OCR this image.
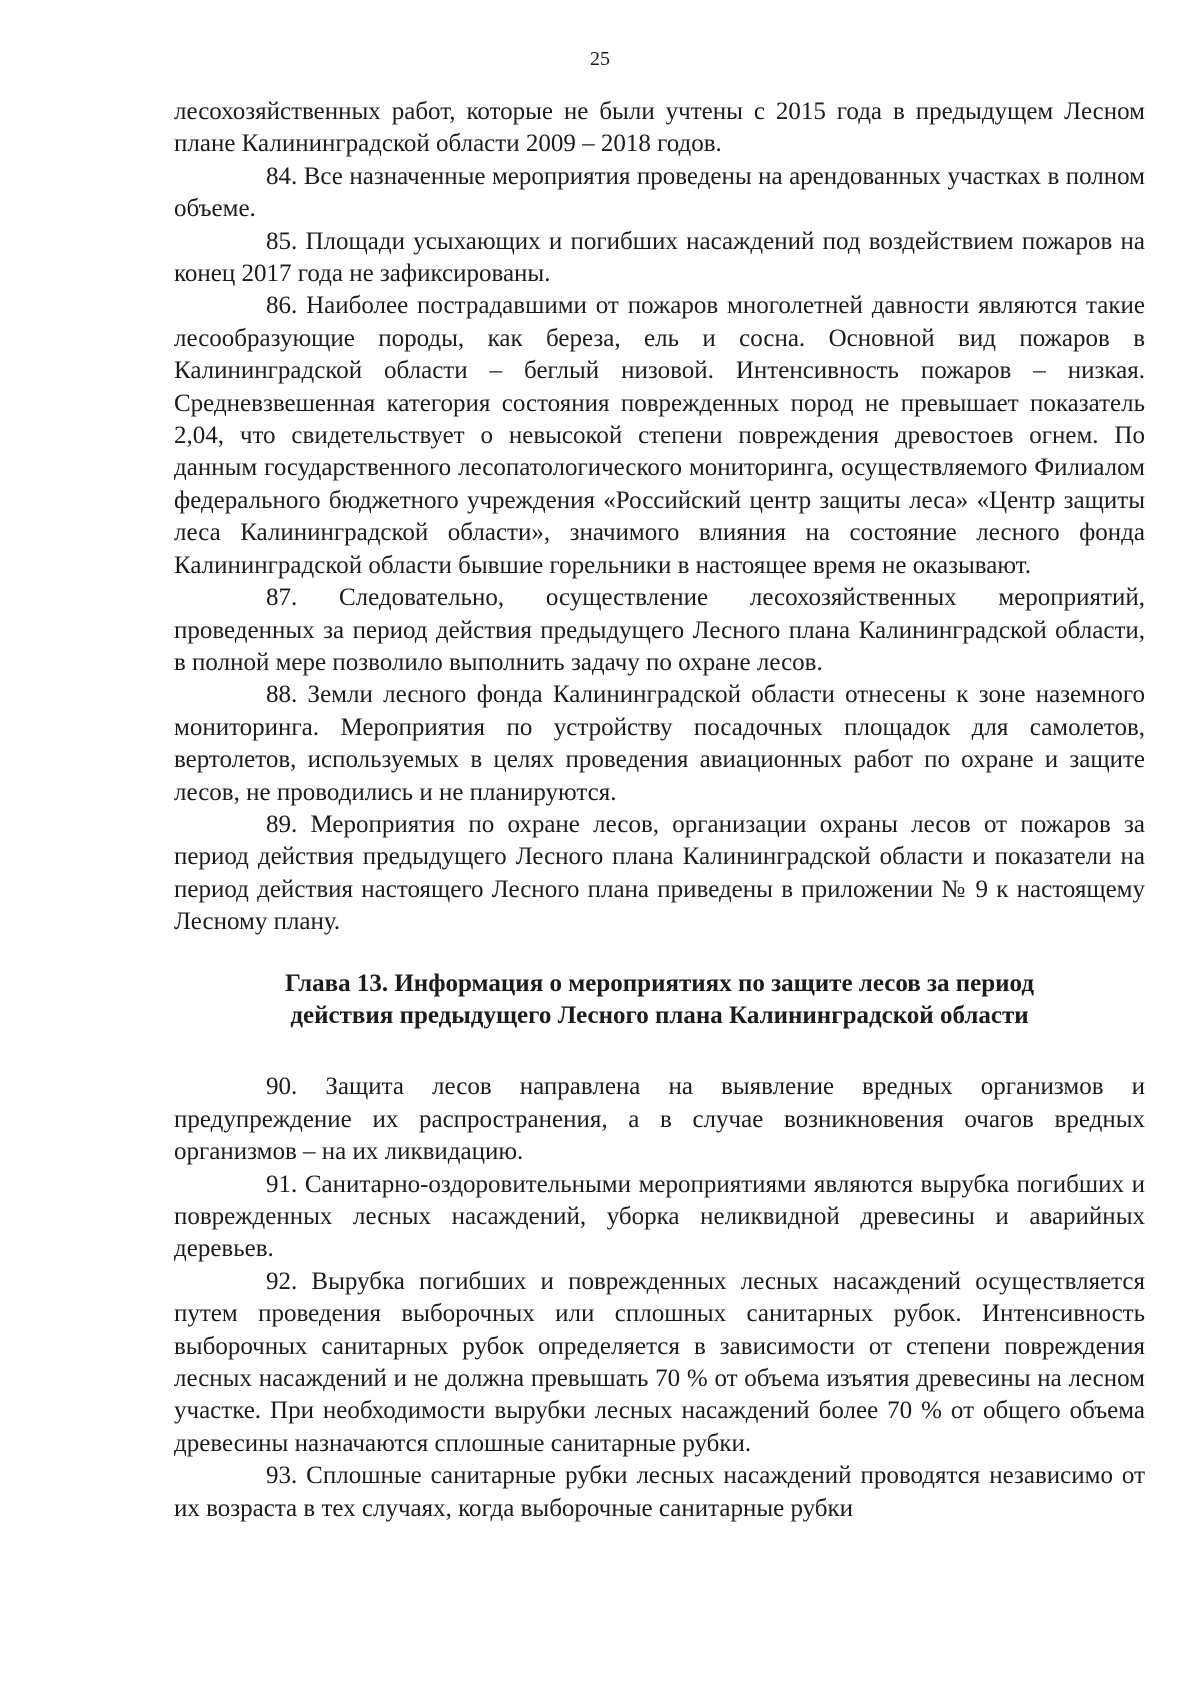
25

лесохозяйственных работ, которые не были учтены с 2015 года в предыдущем Лесном плане Калининградской области 2009 – 2018 годов.

84. Все назначенные мероприятия проведены на арендованных участках в полном объеме.

85. Площади усыхающих и погибших насаждений под воздействием пожаров на конец 2017 года не зафиксированы.

86. Наиболее пострадавшими от пожаров многолетней давности являются такие лесообразующие породы, как береза, ель и сосна. Основной вид пожаров в Калининградской области – беглый низовой. Интенсивность пожаров – низкая. Средневзвешенная категория состояния поврежденных пород не превышает показатель 2,04, что свидетельствует о невысокой степени повреждения древостоев огнем. По данным государственного лесопатологического мониторинга, осуществляемого Филиалом федерального бюджетного учреждения «Российский центр защиты леса» «Центр защиты леса Калининградской области», значимого влияния на состояние лесного фонда Калининградской области бывшие горельники в настоящее время не оказывают.

87. Следовательно, осуществление лесохозяйственных мероприятий, проведенных за период действия предыдущего Лесного плана Калининградской области, в полной мере позволило выполнить задачу по охране лесов.

88. Земли лесного фонда Калининградской области отнесены к зоне наземного мониторинга. Мероприятия по устройству посадочных площадок для самолетов, вертолетов, используемых в целях проведения авиационных работ по охране и защите лесов, не проводились и не планируются.

89. Мероприятия по охране лесов, организации охраны лесов от пожаров за период действия предыдущего Лесного плана Калининградской области и показатели на период действия настоящего Лесного плана приведены в приложении № 9 к настоящему Лесному плану.

Глава 13. Информация о мероприятиях по защите лесов за период
действия предыдущего Лесного плана Калининградской области

90. Защита лесов направлена на выявление вредных организмов и предупреждение их распространения, а в случае возникновения очагов вредных организмов – на их ликвидацию.

91. Санитарно-оздоровительными мероприятиями являются вырубка погибших и поврежденных лесных насаждений, уборка неликвидной древесины и аварийных деревьев.

92. Вырубка погибших и поврежденных лесных насаждений осуществляется путем проведения выборочных или сплошных санитарных рубок. Интенсивность выборочных санитарных рубок определяется в зависимости от степени повреждения лесных насаждений и не должна превышать 70 % от объема изъятия древесины на лесном участке. При необходимости вырубки лесных насаждений более 70 % от общего объема древесины назначаются сплошные санитарные рубки.

93. Сплошные санитарные рубки лесных насаждений проводятся независимо от их возраста в тех случаях, когда выборочные санитарные рубки
